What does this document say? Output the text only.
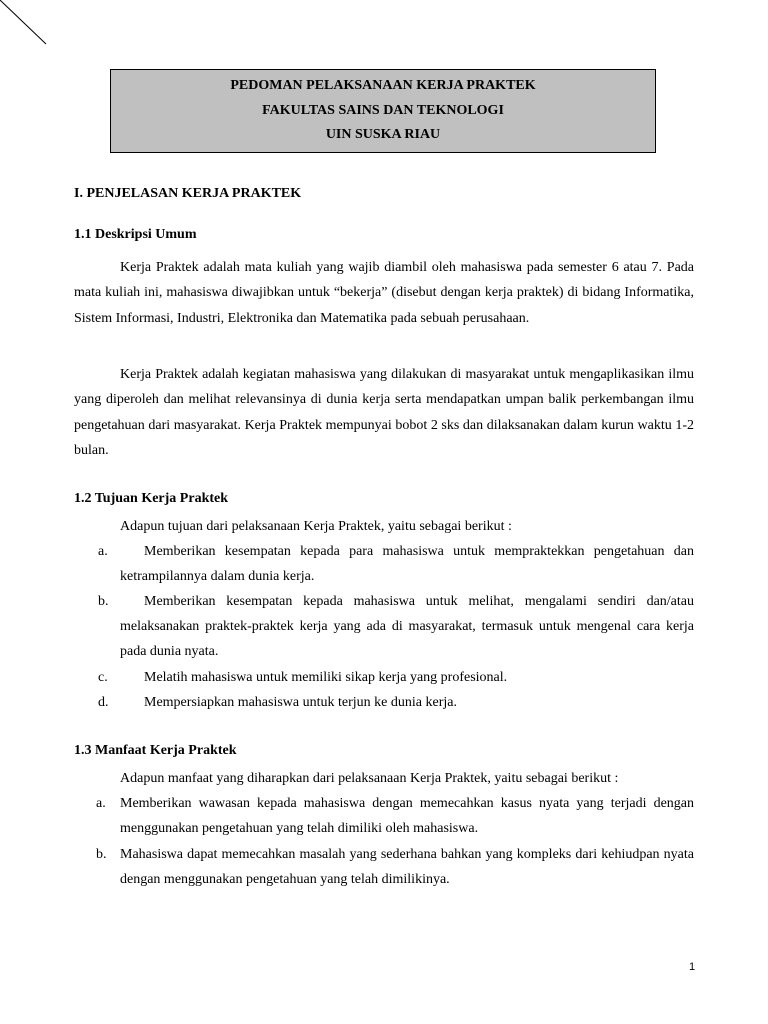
PEDOMAN PELAKSANAAN KERJA PRAKTEK
FAKULTAS SAINS DAN TEKNOLOGI
UIN SUSKA RIAU
I. PENJELASAN KERJA PRAKTEK
1.1 Deskripsi Umum
Kerja Praktek adalah mata kuliah yang wajib diambil oleh mahasiswa pada semester 6 atau 7. Pada mata kuliah ini, mahasiswa diwajibkan untuk “bekerja” (disebut dengan kerja praktek) di bidang Informatika, Sistem Informasi, Industri, Elektronika dan Matematika pada sebuah perusahaan.
Kerja Praktek adalah kegiatan mahasiswa yang dilakukan di masyarakat untuk mengaplikasikan ilmu yang diperoleh dan melihat relevansinya di dunia kerja serta mendapatkan umpan balik perkembangan ilmu pengetahuan dari masyarakat. Kerja Praktek mempunyai bobot 2 sks dan dilaksanakan dalam kurun waktu 1-2 bulan.
1.2 Tujuan Kerja Praktek
Adapun tujuan dari pelaksanaan Kerja Praktek, yaitu sebagai berikut :
a.	Memberikan kesempatan kepada para mahasiswa untuk mempraktekkan pengetahuan dan ketrampilannya dalam dunia kerja.
b.	Memberikan kesempatan kepada mahasiswa untuk melihat, mengalami sendiri dan/atau melaksanakan praktek-praktek kerja yang ada di masyarakat, termasuk untuk mengenal cara kerja pada dunia nyata.
c.	Melatih mahasiswa untuk memiliki sikap kerja yang profesional.
d.	Mempersiapkan mahasiswa untuk terjun ke dunia kerja.
1.3 Manfaat Kerja Praktek
Adapun manfaat yang diharapkan dari pelaksanaan Kerja Praktek, yaitu sebagai berikut :
a. Memberikan wawasan kepada mahasiswa dengan memecahkan kasus nyata yang terjadi dengan menggunakan pengetahuan yang telah dimiliki oleh mahasiswa.
b. Mahasiswa dapat memecahkan masalah yang sederhana bahkan yang kompleks dari kehiudpan nyata dengan menggunakan pengetahuan yang telah dimilikinya.
1
